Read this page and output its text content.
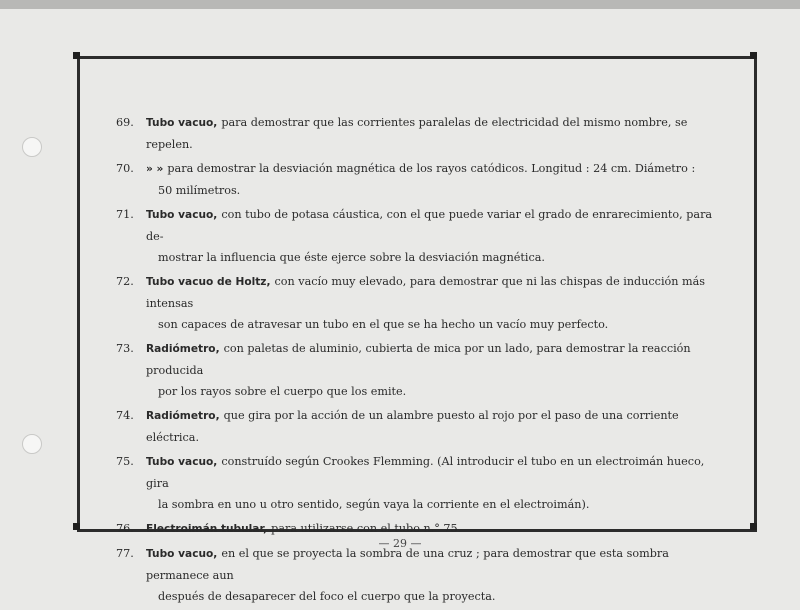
69.	Tubo vacuo, para demostrar que las corrientes paralelas de electricidad del mismo nombre, se repelen.
70.	» » para demostrar la desviación magnética de los rayos catódicos. Longitud : 24 cm. Diámetro :
50 milímetros.
71.	Tubo vacuo, con tubo de potasa cáustica, con el que puede variar el grado de enrarecimiento, para de-
mostrar la influencia que éste ejerce sobre la desviación magnética.
72.	Tubo vacuo de Holtz, con vacío muy elevado, para demostrar que ni las chispas de inducción más intensas
son capaces de atravesar un tubo en el que se ha hecho un vacío muy perfecto.
73.	Radiómetro, con paletas de aluminio, cubierta de mica por un lado, para demostrar la reacción producida
por los rayos sobre el cuerpo que los emite.
74.	Radiómetro, que gira por la acción de un alambre puesto al rojo por el paso de una corriente eléctrica.
75.	Tubo vacuo, construído según Crookes Flemming. (Al introducir el tubo en un electroimán hueco, gira
la sombra en uno u otro sentido, según vaya la corriente en el electroimán).
76.	Electroimán tubular, para utilizarse con el tubo n.° 75.
77.	Tubo vacuo, en el que se proyecta la sombra de una cruz ; para demostrar que esta sombra permanece aun
después de desaparecer del foco el cuerpo que la proyecta.
— 29 —
